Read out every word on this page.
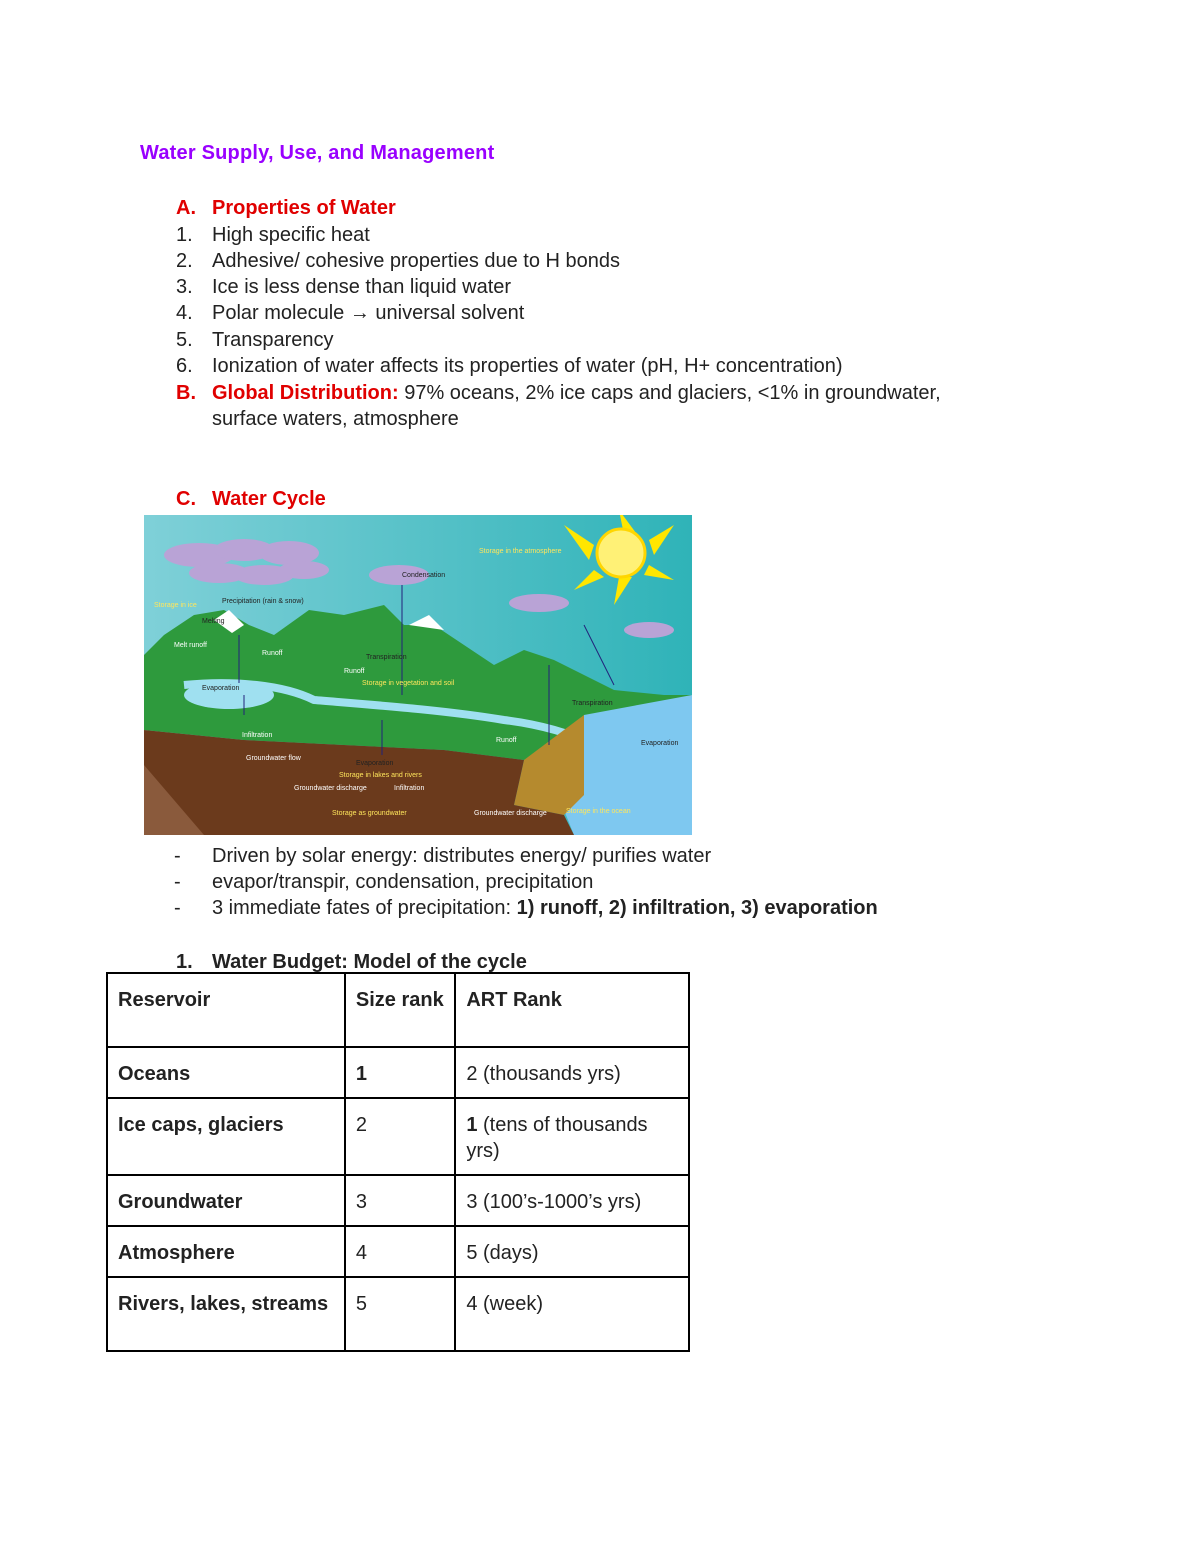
Water Supply, Use, and Management
A. Properties of Water
1. High specific heat
2. Adhesive/ cohesive properties due to H bonds
3. Ice is less dense than liquid water
4. Polar molecule → universal solvent
5. Transparency
6. Ionization of water affects its properties of water (pH, H+ concentration)
B. Global Distribution: 97% oceans, 2% ice caps and glaciers, <1% in groundwater,
surface waters, atmosphere
C. Water Cycle
Storage in the atmosphere
Condensation
Precipitation (rain & snow)
Storage in ice
Melting
Melt runoff
Runoff
Runoff
Runoff
Transpiration
Transpiration
Storage in vegetation and soil
Evaporation
Evaporation
Evaporation
Infiltration
Infiltration
Groundwater flow
Groundwater discharge
Groundwater discharge
Storage in lakes and rivers
Storage as groundwater	Storage in the ocean
- Driven by solar energy: distributes energy/ purifies water
- evapor/transpir, condensation, precipitation
- 3 immediate fates of precipitation: 1) runoff, 2) infiltration, 3) evaporation
1. Water Budget: Model of the cycle
Reservoir	Size rank	ART Rank
Oceans	1	2 (thousands yrs)
Ice caps, glaciers	2	1 (tens of thousands yrs)
Groundwater	3	3 (100’s-1000’s yrs)
Atmosphere	4	5 (days)
Rivers, lakes, streams	5	4 (week)
